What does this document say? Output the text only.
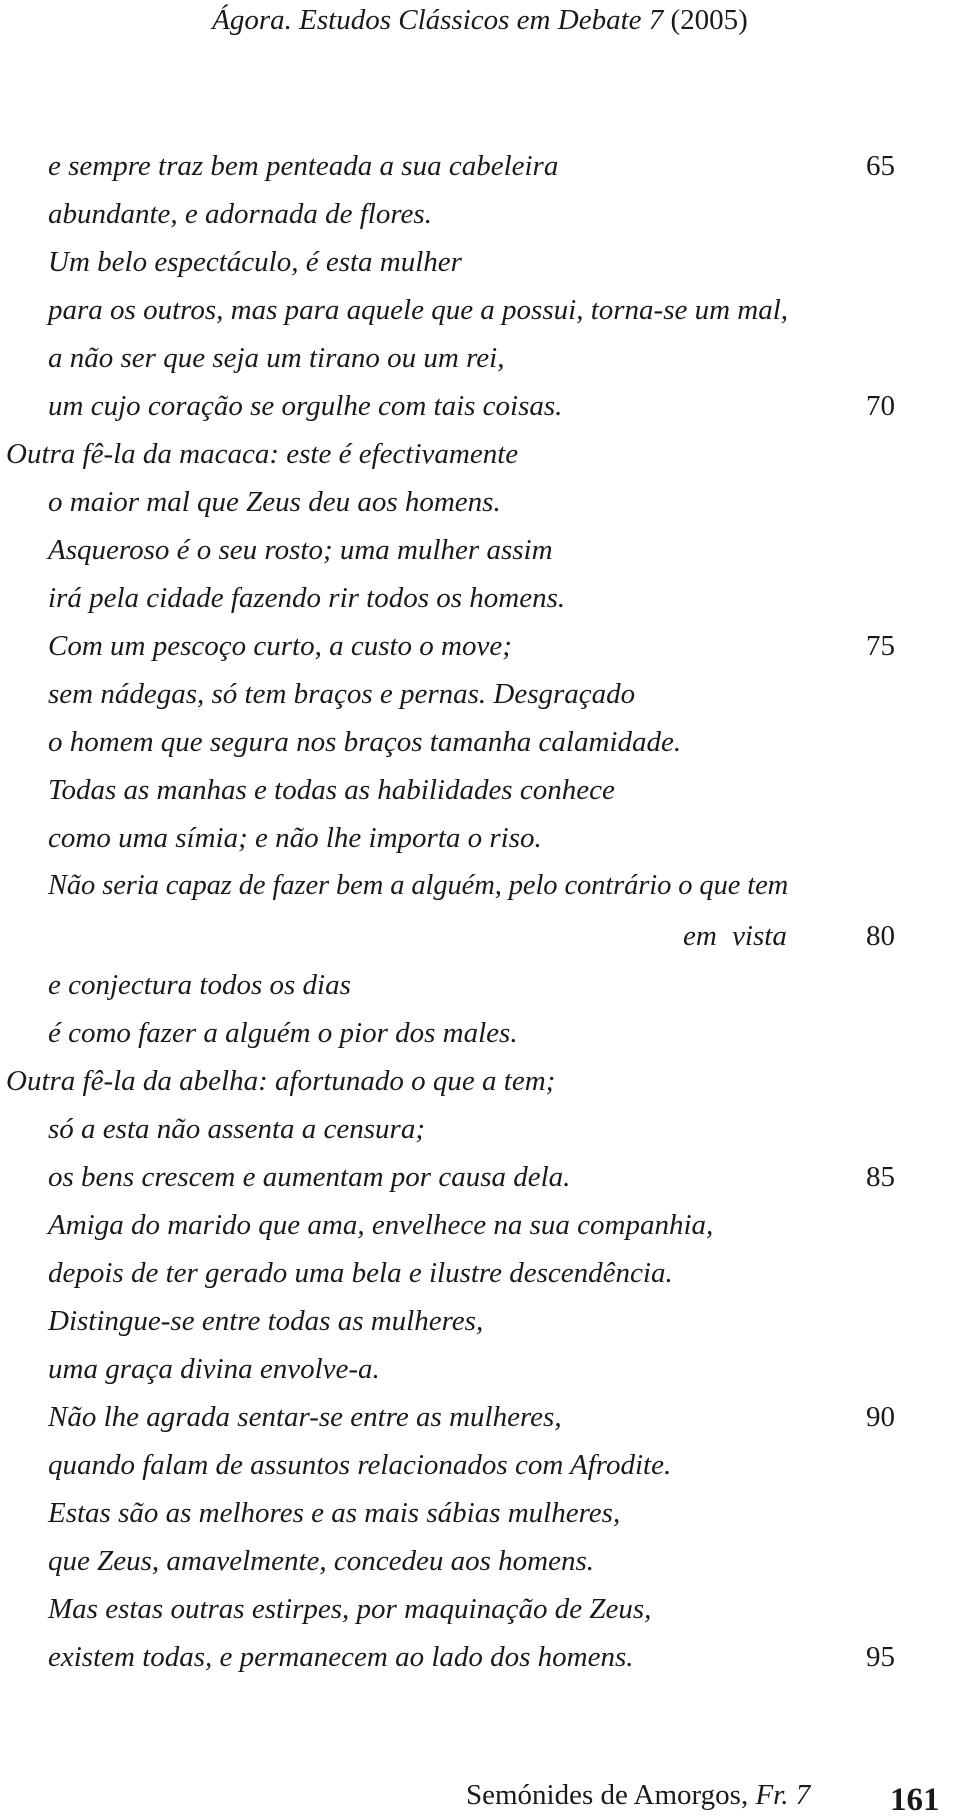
Ágora. Estudos Clássicos em Debate 7 (2005)
e sempre traz bem penteada a sua cabeleira	65
abundante, e adornada de flores.
Um belo espectáculo, é esta mulher
para os outros, mas para aquele que a possui, torna-se um mal,
a não ser que seja um tirano ou um rei,
um cujo coração se orgulhe com tais coisas.	70
Outra fê-la da macaca: este é efectivamente
o maior mal que Zeus deu aos homens.
Asqueroso é o seu rosto; uma mulher assim
irá pela cidade fazendo rir todos os homens.
Com um pescoço curto, a custo o move;	75
sem nádegas, só tem braços e pernas. Desgraçado
o homem que segura nos braços tamanha calamidade.
Todas as manhas e todas as habilidades conhece
como uma símia; e não lhe importa o riso.
Não seria capaz de fazer bem a alguém, pelo contrário o que tem
em vista	80
e conjectura todos os dias
é como fazer a alguém o pior dos males.
Outra fê-la da abelha: afortunado o que a tem;
só a esta não assenta a censura;
os bens crescem e aumentam por causa dela.	85
Amiga do marido que ama, envelhece na sua companhia,
depois de ter gerado uma bela e ilustre descendência.
Distingue-se entre todas as mulheres,
uma graça divina envolve-a.
Não lhe agrada sentar-se entre as mulheres,	90
quando falam de assuntos relacionados com Afrodite.
Estas são as melhores e as mais sábias mulheres,
que Zeus, amavelmente, concedeu aos homens.
Mas estas outras estirpes, por maquinação de Zeus,
existem todas, e permanecem ao lado dos homens.	95
Semónides de Amorgos, Fr. 7 161
